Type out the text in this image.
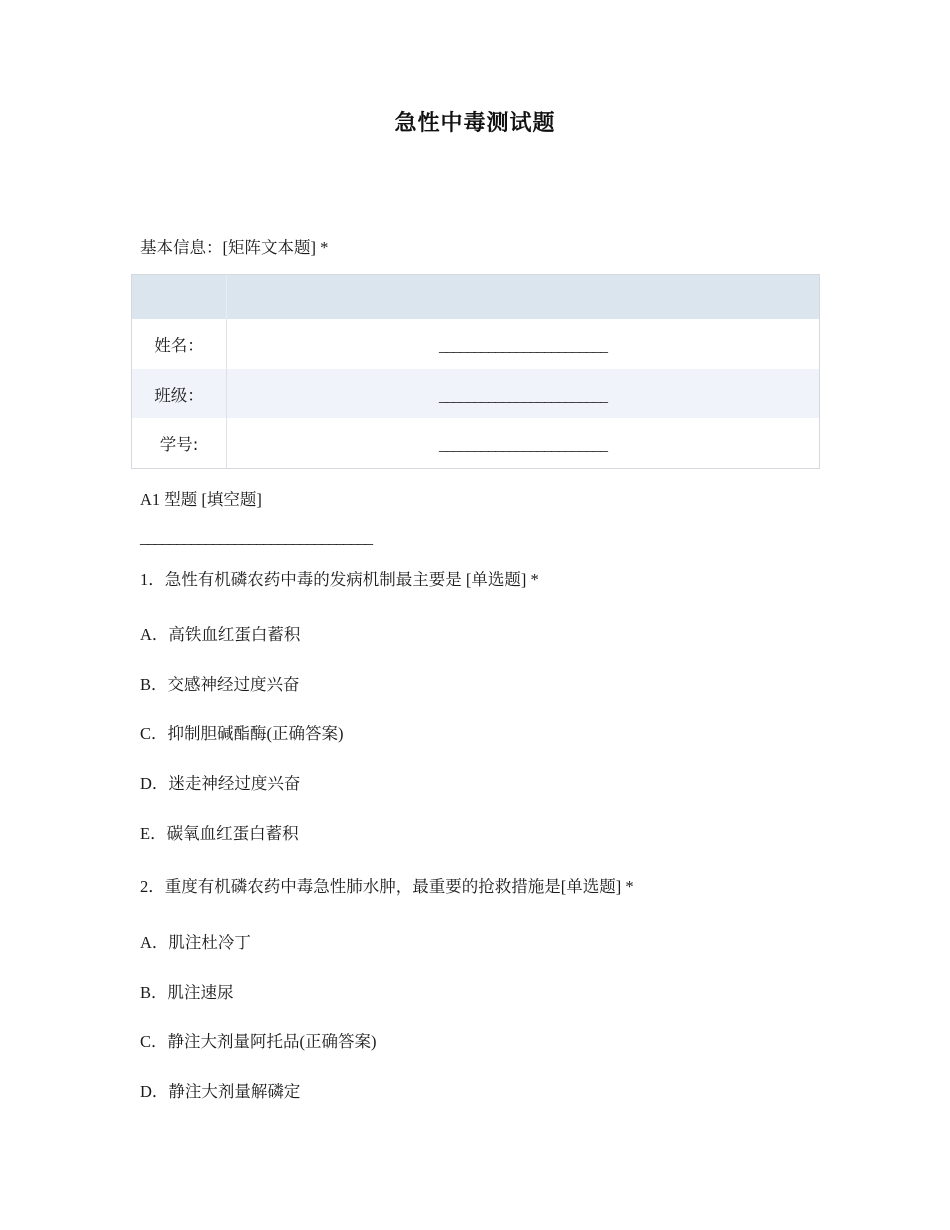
急性中毒测试题
基本信息：[矩阵文本题] *
姓名：	________________________
班级：	________________________
学号:	________________________
A1 型题 [填空题]
________________________________
1．急性有机磷农药中毒的发病机制最主要是 [单选题] *
A．高铁血红蛋白蓄积
B．交感神经过度兴奋
C．抑制胆碱酯酶(正确答案)
D．迷走神经过度兴奋
E．碳氧血红蛋白蓄积
2．重度有机磷农药中毒急性肺水肿，最重要的抢救措施是[单选题] *
A．肌注杜冷丁
B．肌注速尿
C．静注大剂量阿托品(正确答案)
D．静注大剂量解磷定
